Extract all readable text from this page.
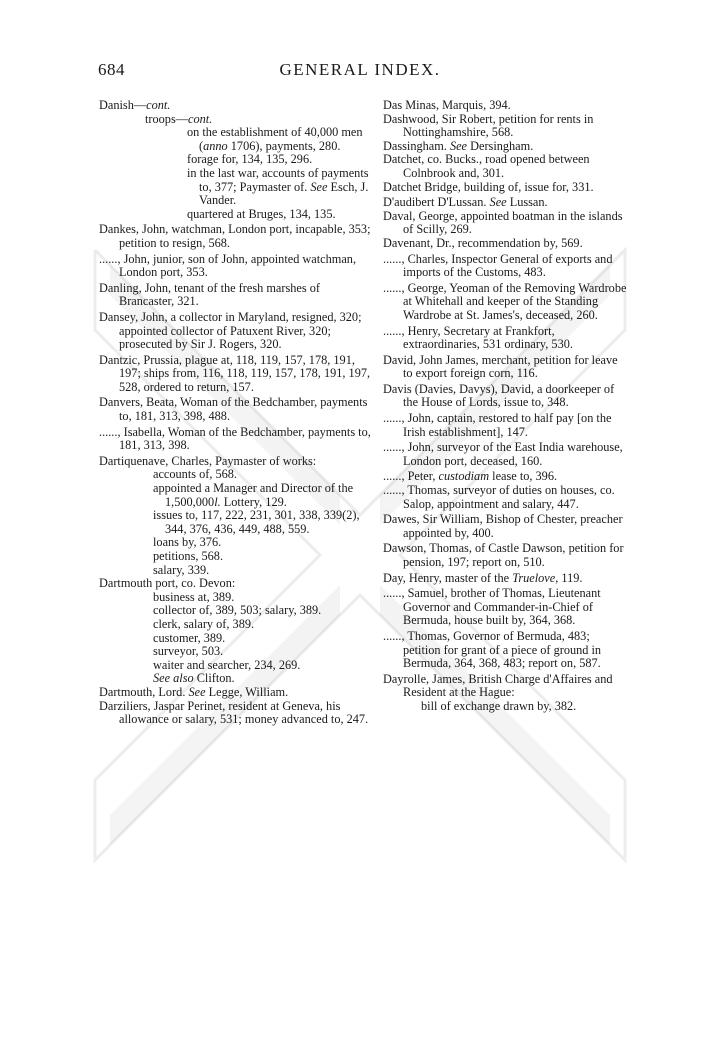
684	GENERAL INDEX.

Danish—cont.

troops—cont.

on the establishment of 40,000 men (anno 1706), payments, 280.

forage for, 134, 135, 296.

in the last war, accounts of payments to, 377; Paymaster of. See Esch, J. Vander.

quartered at Bruges, 134, 135.

Dankes, John, watchman, London port, incapable, 353; petition to resign, 568.

......, John, junior, son of John, appointed watchman, London port, 353.

Danling, John, tenant of the fresh marshes of Brancaster, 321.

Dansey, John, a collector in Maryland, resigned, 320; appointed collector of Patuxent River, 320; prosecuted by Sir J. Rogers, 320.

Dantzic, Prussia, plague at, 118, 119, 157, 178, 191, 197; ships from, 116, 118, 119, 157, 178, 191, 197, 528, ordered to return, 157.

Danvers, Beata, Woman of the Bedchamber, payments to, 181, 313, 398, 488.

......, Isabella, Woman of the Bedchamber, payments to, 181, 313, 398.

Dartiquenave, Charles, Paymaster of works:

accounts of, 568.

appointed a Manager and Director of the 1,500,000l. Lottery, 129.

issues to, 117, 222, 231, 301, 338, 339(2), 344, 376, 436, 449, 488, 559.

loans by, 376.

petitions, 568.

salary, 339.

Dartmouth port, co. Devon:

business at, 389.

collector of, 389, 503; salary, 389.

clerk, salary of, 389.

customer, 389.

surveyor, 503.

waiter and searcher, 234, 269.

See also Clifton.

Dartmouth, Lord. See Legge, William.

Darziliers, Jaspar Perinet, resident at Geneva, his allowance or salary, 531; money advanced to, 247.

Das Minas, Marquis, 394.

Dashwood, Sir Robert, petition for rents in Nottinghamshire, 568.

Dassingham. See Dersingham.

Datchet, co. Bucks., road opened between Colnbrook and, 301.

Datchet Bridge, building of, issue for, 331.

D'audibert D'Lussan. See Lussan.

Daval, George, appointed boatman in the islands of Scilly, 269.

Davenant, Dr., recommendation by, 569.

......, Charles, Inspector General of exports and imports of the Customs, 483.

......, George, Yeoman of the Removing Wardrobe at Whitehall and keeper of the Standing Wardrobe at St. James's, deceased, 260.

......, Henry, Secretary at Frankfort, extraordinaries, 531 ordinary, 530.

David, John James, merchant, petition for leave to export foreign corn, 116.

Davis (Davies, Davys), David, a doorkeeper of the House of Lords, issue to, 348.

......, John, captain, restored to half pay [on the Irish establishment], 147.

......, John, surveyor of the East India warehouse, London port, deceased, 160.

......, Peter, custodiam lease to, 396.

......, Thomas, surveyor of duties on houses, co. Salop, appointment and salary, 447.

Dawes, Sir William, Bishop of Chester, preacher appointed by, 400.

Dawson, Thomas, of Castle Dawson, petition for pension, 197; report on, 510.

Day, Henry, master of the Truelove, 119.

......, Samuel, brother of Thomas, Lieutenant Governor and Commander-in-Chief of Bermuda, house built by, 364, 368.

......, Thomas, Governor of Bermuda, 483; petition for grant of a piece of ground in Bermuda, 364, 368, 483; report on, 587.

Dayrolle, James, British Charge d'Affaires and Resident at the Hague:

bill of exchange drawn by, 382.
